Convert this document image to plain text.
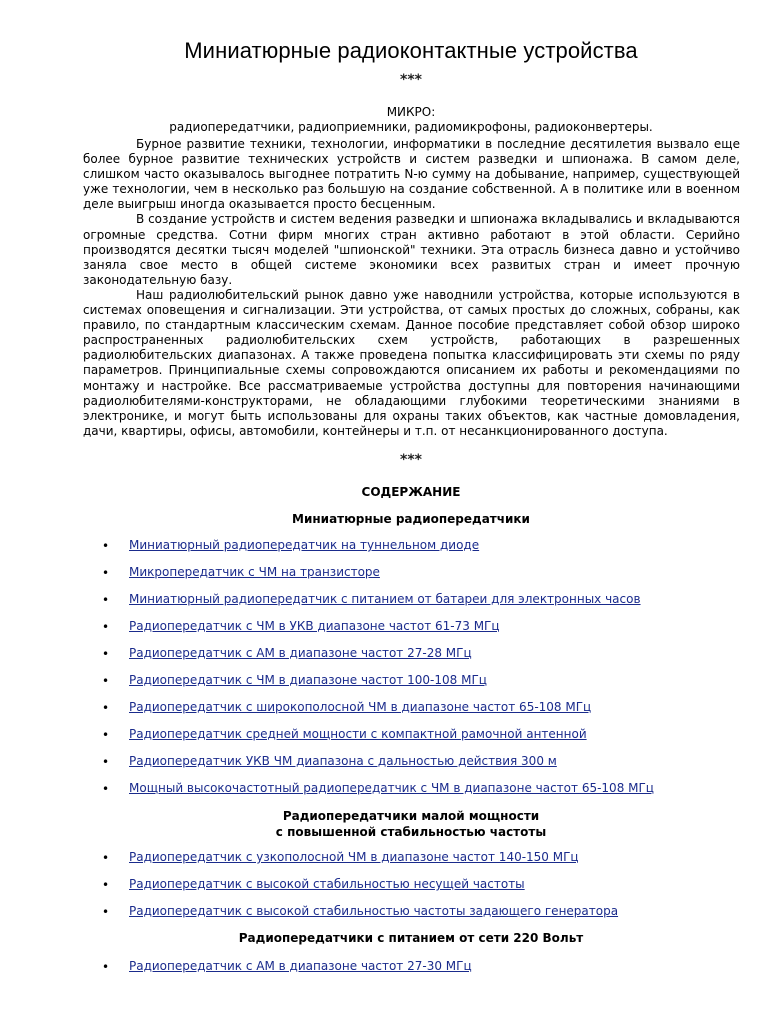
Миниатюрные радиоконтактные устройства
***
МИКРО:
радиопередатчики, радиоприемники, радиомикрофоны, радиоконвертеры.

Бурное развитие техники, технологии, информатики в последние десятилетия вызвало еще более бурное развитие технических устройств и систем разведки и шпионажа. В самом деле, слишком часто оказывалось выгоднее потратить N-ю сумму на добывание, например, существующей уже технологии, чем в несколько раз большую на создание собственной. А в политике или в военном деле выигрыш иногда оказывается просто бесценным.

В создание устройств и систем ведения разведки и шпионажа вкладывались и вкладываются огромные средства. Сотни фирм многих стран активно работают в этой области. Серийно производятся десятки тысяч моделей "шпионской" техники. Эта отрасль бизнеса давно и устойчиво заняла свое место в общей системе экономики всех развитых стран и имеет прочную законодательную базу.

Наш радиолюбительский рынок давно уже наводнили устройства, которые используются в системах оповещения и сигнализации. Эти устройства, от самых простых до сложных, собраны, как правило, по стандартным классическим схемам. Данное пособие представляет собой обзор широко распространенных радиолюбительских схем устройств, работающих в разрешенных радиолюбительских диапазонах. А также проведена попытка классифицировать эти схемы по ряду параметров. Принципиальные схемы сопровождаются описанием их работы и рекомендациями по монтажу и настройке. Все рассматриваемые устройства доступны для повторения начинающими радиолюбителями-конструкторами, не обладающими глубокими теоретическими знаниями в электронике, и могут быть использованы для охраны таких объектов, как частные домовладения, дачи, квартиры, офисы, автомобили, контейнеры и т.п. от несанкционированного доступа.

***
СОДЕРЖАНИЕ
Миниатюрные радиопередатчики
• Миниатюрный радиопередатчик на туннельном диоде
• Микропередатчик с ЧМ на транзисторе
• Миниатюрный радиопередатчик с питанием от батареи для электронных часов
• Радиопередатчик с ЧМ в УКВ диапазоне частот 61-73 МГц
• Радиопередатчик с АМ в диапазоне частот 27-28 МГц
• Радиопередатчик с ЧМ в диапазоне частот 100-108 МГц
• Радиопередатчик с широкополосной ЧМ в диапазоне частот 65-108 МГц
• Радиопередатчик средней мощности с компактной рамочной антенной
• Радиопередатчик УКВ ЧМ диапазона с дальностью действия 300 м
• Мощный высокочастотный радиопередатчик с ЧМ в диапазоне частот 65-108 МГц
Радиопередатчики малой мощности
с повышенной стабильностью частоты
• Радиопередатчик с узкополосной ЧМ в диапазоне частот 140-150 МГц
• Радиопередатчик с высокой стабильностью несущей частоты
• Радиопередатчик с высокой стабильностью частоты задающего генератора
Радиопередатчики с питанием от сети 220 Вольт
• Радиопередатчик с АМ в диапазоне частот 27-30 МГц
